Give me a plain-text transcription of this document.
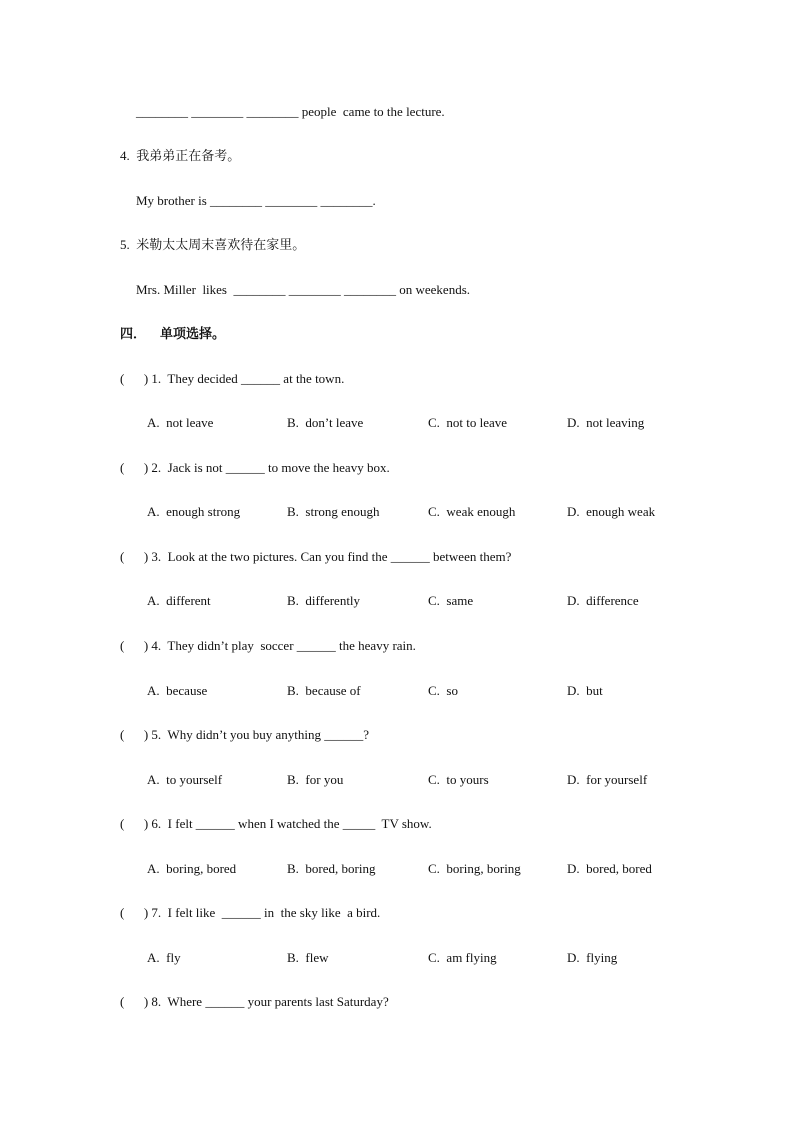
________ ________ ________ people  came to the lecture.
4.  我弟弟正在备考。
My brother is ________ ________ ________.
5.  米勒太太周末喜欢待在家里。
Mrs. Miller  likes  ________ ________ ________ on weekends.
四． 单项选择。
(      ) 1.  They decided ______ at the town.
A.  not leave	B.  don’t leave	C.  not to leave	D.  not leaving
(      ) 2.  Jack is not ______ to move the heavy box.
A.  enough strong	B.  strong enough	C.  weak enough	D.  enough weak
(      ) 3.  Look at the two pictures. Can you find the ______ between them?
A.  different	B.  differently	C.  same	D.  difference
(      ) 4.  They didn’t play  soccer ______ the heavy rain.
A.  because	B.  because of	C.  so	D.  but
(      ) 5.  Why didn’t you buy anything ______?
A.  to yourself	B.  for you	C.  to yours	D.  for yourself
(      ) 6.  I felt ______ when I watched the _____  TV show.
A.  boring, bored	B.  bored, boring	C.  boring, boring	D.  bored, bored
(      ) 7.  I felt like  ______ in  the sky like  a bird.
A.  fly	B.  flew	C.  am flying	D.  flying
(      ) 8.  Where ______ your parents last Saturday?
